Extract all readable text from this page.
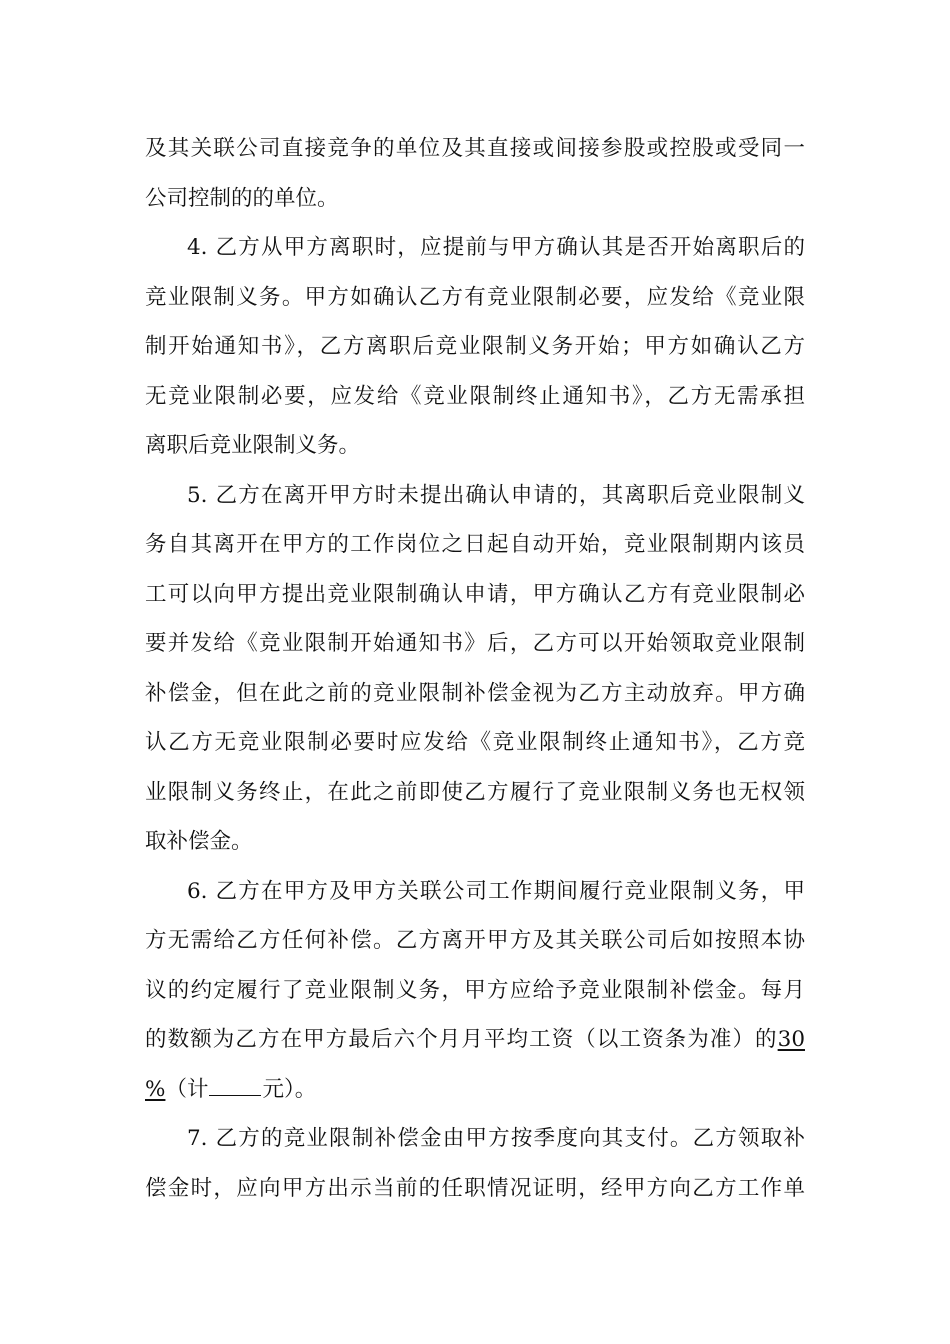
及其关联公司直接竞争的单位及其直接或间接参股或控股或受同一
公司控制的的单位。
4. 乙方从甲方离职时，应提前与甲方确认其是否开始离职后的
竞业限制义务。甲方如确认乙方有竞业限制必要，应发给《竞业限
制开始通知书》，乙方离职后竞业限制义务开始；甲方如确认乙方
无竞业限制必要，应发给《竞业限制终止通知书》，乙方无需承担
离职后竞业限制义务。
5. 乙方在离开甲方时未提出确认申请的，其离职后竞业限制义
务自其离开在甲方的工作岗位之日起自动开始，竞业限制期内该员
工可以向甲方提出竞业限制确认申请，甲方确认乙方有竞业限制必
要并发给《竞业限制开始通知书》后，乙方可以开始领取竞业限制
补偿金，但在此之前的竞业限制补偿金视为乙方主动放弃。甲方确
认乙方无竞业限制必要时应发给《竞业限制终止通知书》，乙方竞
业限制义务终止，在此之前即使乙方履行了竞业限制义务也无权领
取补偿金。
6. 乙方在甲方及甲方关联公司工作期间履行竞业限制义务，甲
方无需给乙方任何补偿。乙方离开甲方及其关联公司后如按照本协
议的约定履行了竞业限制义务，甲方应给予竞业限制补偿金。每月
的数额为乙方在甲方最后六个月月平均工资（以工资条为准）的30
%（计	元）。
7. 乙方的竞业限制补偿金由甲方按季度向其支付。乙方领取补
偿金时，应向甲方出示当前的任职情况证明，经甲方向乙方工作单
